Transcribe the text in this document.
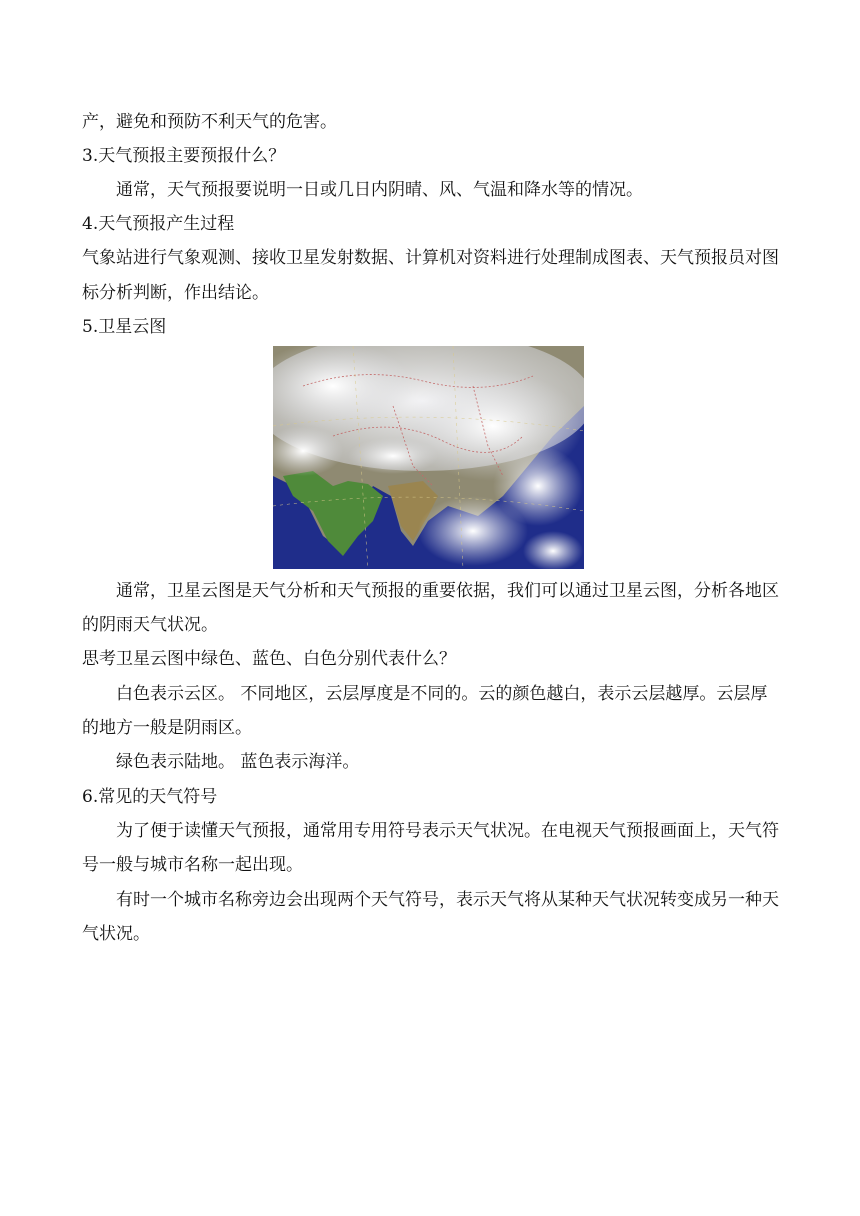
产，避免和预防不利天气的危害。
3.天气预报主要预报什么？
通常，天气预报要说明一日或几日内阴晴、风、气温和降水等的情况。
4.天气预报产生过程
气象站进行气象观测、接收卫星发射数据、计算机对资料进行处理制成图表、天气预报员对图
标分析判断，作出结论。
5.卫星云图
通常，卫星云图是天气分析和天气预报的重要依据，我们可以通过卫星云图，分析各地区
的阴雨天气状况。
思考卫星云图中绿色、蓝色、白色分别代表什么？
白色表示云区。 不同地区，云层厚度是不同的。云的颜色越白，表示云层越厚。云层厚
的地方一般是阴雨区。
绿色表示陆地。 蓝色表示海洋。
6.常见的天气符号
为了便于读懂天气预报，通常用专用符号表示天气状况。在电视天气预报画面上，天气符
号一般与城市名称一起出现。
有时一个城市名称旁边会出现两个天气符号，表示天气将从某种天气状况转变成另一种天
气状况。
